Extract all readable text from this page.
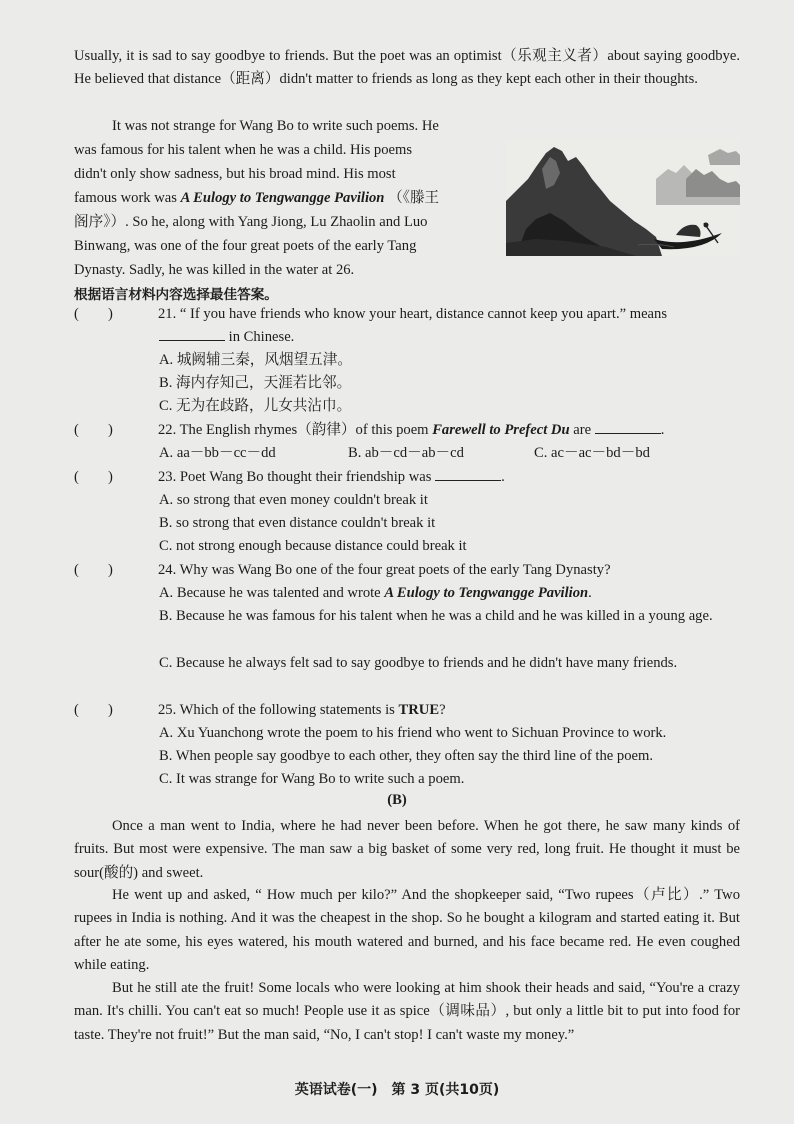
Usually, it is sad to say goodbye to friends. But the poet was an optimist（乐观主义者）about saying goodbye. He believed that distance（距离）didn't matter to friends as long as they kept each other in their thoughts.
It was not strange for Wang Bo to write such poems. He
was famous for his talent when he was a child. His poems
didn't only show sadness, but his broad mind. His most
famous work was A Eulogy to Tengwangge Pavilion （《滕王
阁序》）. So he, along with Yang Jiong, Lu Zhaolin and Luo
Binwang, was one of the four great poets of the early Tang
Dynasty. Sadly, he was killed in the water at 26.
根据语言材料内容选择最佳答案。
(　　)	21. “ If you have friends who know your heart, distance cannot keep you apart.” means
in Chinese.
A. 城阙辅三秦，风烟望五津。
B. 海内存知己，天涯若比邻。
C. 无为在歧路，儿女共沾巾。
(　　)	22. The English rhymes（韵律）of this poem Farewell to Prefect Du are	.
A. aa－bb－cc－dd	B. ab－cd－ab－cd	C. ac－ac－bd－bd
(　　)	23. Poet Wang Bo thought their friendship was	.
A. so strong that even money couldn't break it
B. so strong that even distance couldn't break it
C. not strong enough because distance could break it
(　　)	24. Why was Wang Bo one of the four great poets of the early Tang Dynasty?
A. Because he was talented and wrote A Eulogy to Tengwangge Pavilion.
B. Because he was famous for his talent when he was a child and he was killed in a young age.
C. Because he always felt sad to say goodbye to friends and he didn't have many friends.
(　　)	25. Which of the following statements is TRUE?
A. Xu Yuanchong wrote the poem to his friend who went to Sichuan Province to work.
B. When people say goodbye to each other, they often say the third line of the poem.
C. It was strange for Wang Bo to write such a poem.
(B)
Once a man went to India, where he had never been before. When he got there, he saw many kinds of fruits. But most were expensive. The man saw a big basket of some very red, long fruit. He thought it must be sour(酸的) and sweet.
He went up and asked, “ How much per kilo?” And the shopkeeper said, “Two rupees（卢比）.” Two rupees in India is nothing. And it was the cheapest in the shop. So he bought a kilogram and started eating it. But after he ate some, his eyes watered, his mouth watered and burned, and his face became red. He even coughed while eating.
But he still ate the fruit! Some locals who were looking at him shook their heads and said, “You're a crazy man. It's chilli. You can't eat so much! People use it as spice（调味品）, but only a little bit to put into food for taste. They're not fruit!” But the man said, “No, I can't stop! I can't waste my money.”
英语试卷(一)　第 3 页(共10页)
